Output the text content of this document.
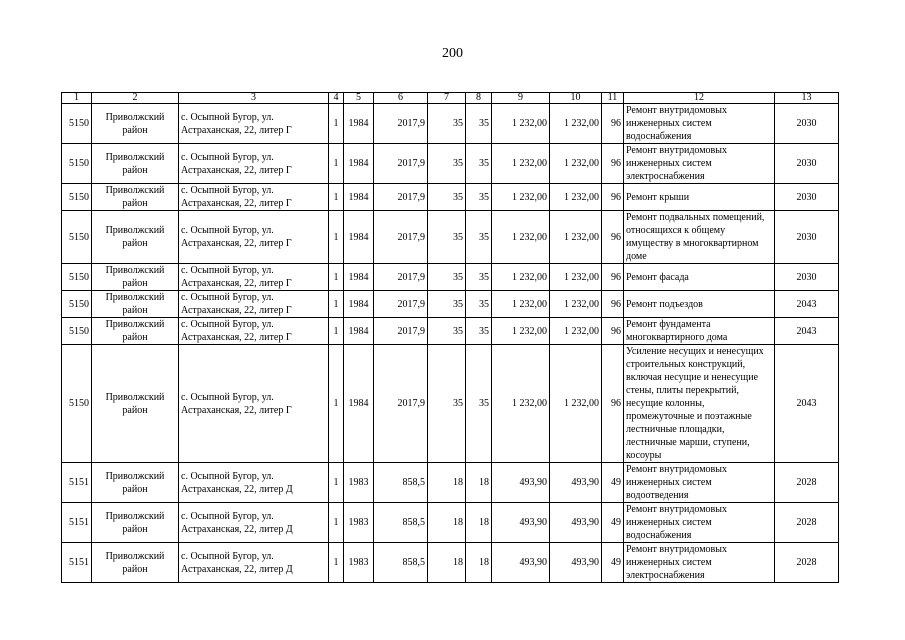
200
1	2	3	4	5	6	7	8	9	10	11	12	13
5150	Приволжский район	с. Осыпной Бугор, ул. Астраханская, 22, литер Г	1	1984	2017,9	35	35	1 232,00	1 232,00	96	Ремонт внутридомовых инженерных систем водоснабжения	2030
5150	Приволжский район	с. Осыпной Бугор, ул. Астраханская, 22, литер Г	1	1984	2017,9	35	35	1 232,00	1 232,00	96	Ремонт внутридомовых инженерных систем электроснабжения	2030
5150	Приволжский район	с. Осыпной Бугор, ул. Астраханская, 22, литер Г	1	1984	2017,9	35	35	1 232,00	1 232,00	96	Ремонт крыши	2030
5150	Приволжский район	с. Осыпной Бугор, ул. Астраханская, 22, литер Г	1	1984	2017,9	35	35	1 232,00	1 232,00	96	Ремонт подвальных помещений, относящихся к общему имуществу в многоквартирном доме	2030
5150	Приволжский район	с. Осыпной Бугор, ул. Астраханская, 22, литер Г	1	1984	2017,9	35	35	1 232,00	1 232,00	96	Ремонт фасада	2030
5150	Приволжский район	с. Осыпной Бугор, ул. Астраханская, 22, литер Г	1	1984	2017,9	35	35	1 232,00	1 232,00	96	Ремонт подъездов	2043
5150	Приволжский район	с. Осыпной Бугор, ул. Астраханская, 22, литер Г	1	1984	2017,9	35	35	1 232,00	1 232,00	96	Ремонт фундамента многоквартирного дома	2043
5150	Приволжский район	с. Осыпной Бугор, ул. Астраханская, 22, литер Г	1	1984	2017,9	35	35	1 232,00	1 232,00	96	Усиление несущих и ненесущих строительных конструкций, включая несущие и ненесущие стены, плиты перекрытий, несущие колонны, промежуточные и поэтажные лестничные площадки, лестничные марши, ступени, косоуры	2043
5151	Приволжский район	с. Осыпной Бугор, ул. Астраханская, 22, литер Д	1	1983	858,5	18	18	493,90	493,90	49	Ремонт внутридомовых инженерных систем водоотведения	2028
5151	Приволжский район	с. Осыпной Бугор, ул. Астраханская, 22, литер Д	1	1983	858,5	18	18	493,90	493,90	49	Ремонт внутридомовых инженерных систем водоснабжения	2028
5151	Приволжский район	с. Осыпной Бугор, ул. Астраханская, 22, литер Д	1	1983	858,5	18	18	493,90	493,90	49	Ремонт внутридомовых инженерных систем электроснабжения	2028
